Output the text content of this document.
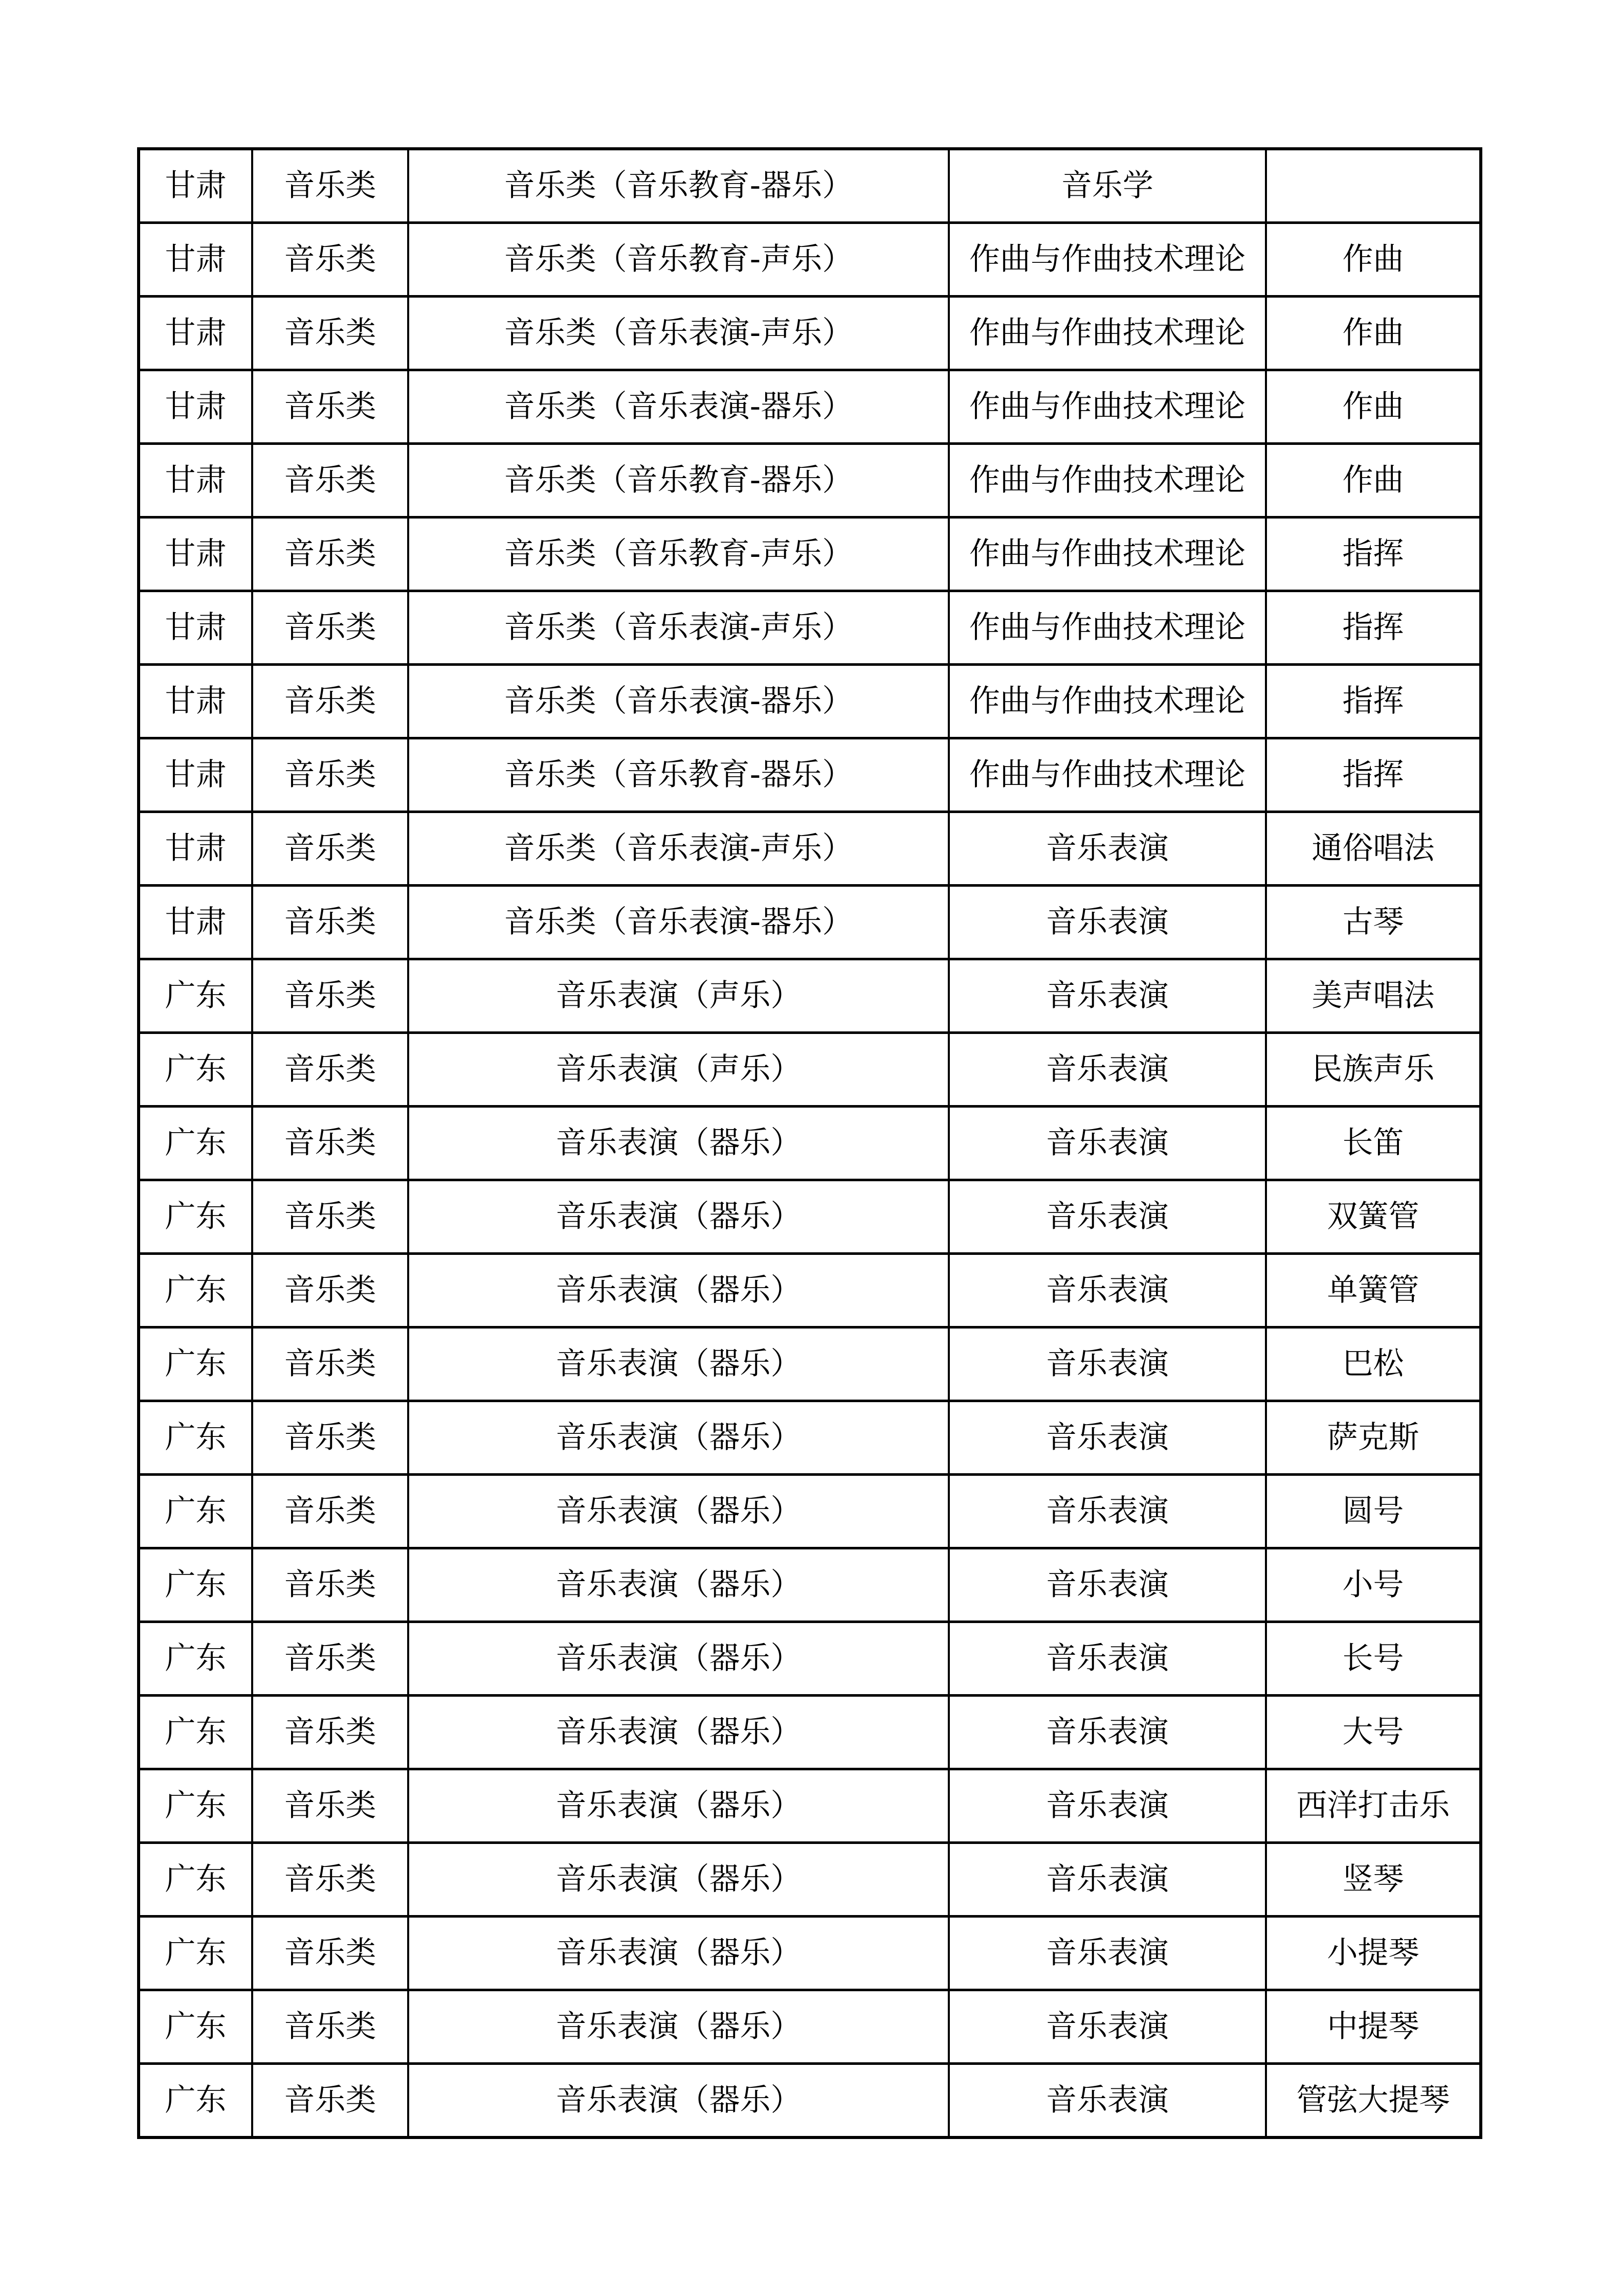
甘肃	音乐类	音乐类（音乐教育-器乐）	音乐学	
甘肃	音乐类	音乐类（音乐教育-声乐）	作曲与作曲技术理论	作曲
甘肃	音乐类	音乐类（音乐表演-声乐）	作曲与作曲技术理论	作曲
甘肃	音乐类	音乐类（音乐表演-器乐）	作曲与作曲技术理论	作曲
甘肃	音乐类	音乐类（音乐教育-器乐）	作曲与作曲技术理论	作曲
甘肃	音乐类	音乐类（音乐教育-声乐）	作曲与作曲技术理论	指挥
甘肃	音乐类	音乐类（音乐表演-声乐）	作曲与作曲技术理论	指挥
甘肃	音乐类	音乐类（音乐表演-器乐）	作曲与作曲技术理论	指挥
甘肃	音乐类	音乐类（音乐教育-器乐）	作曲与作曲技术理论	指挥
甘肃	音乐类	音乐类（音乐表演-声乐）	音乐表演	通俗唱法
甘肃	音乐类	音乐类（音乐表演-器乐）	音乐表演	古琴
广东	音乐类	音乐表演（声乐）	音乐表演	美声唱法
广东	音乐类	音乐表演（声乐）	音乐表演	民族声乐
广东	音乐类	音乐表演（器乐）	音乐表演	长笛
广东	音乐类	音乐表演（器乐）	音乐表演	双簧管
广东	音乐类	音乐表演（器乐）	音乐表演	单簧管
广东	音乐类	音乐表演（器乐）	音乐表演	巴松
广东	音乐类	音乐表演（器乐）	音乐表演	萨克斯
广东	音乐类	音乐表演（器乐）	音乐表演	圆号
广东	音乐类	音乐表演（器乐）	音乐表演	小号
广东	音乐类	音乐表演（器乐）	音乐表演	长号
广东	音乐类	音乐表演（器乐）	音乐表演	大号
广东	音乐类	音乐表演（器乐）	音乐表演	西洋打击乐
广东	音乐类	音乐表演（器乐）	音乐表演	竖琴
广东	音乐类	音乐表演（器乐）	音乐表演	小提琴
广东	音乐类	音乐表演（器乐）	音乐表演	中提琴
广东	音乐类	音乐表演（器乐）	音乐表演	管弦大提琴
